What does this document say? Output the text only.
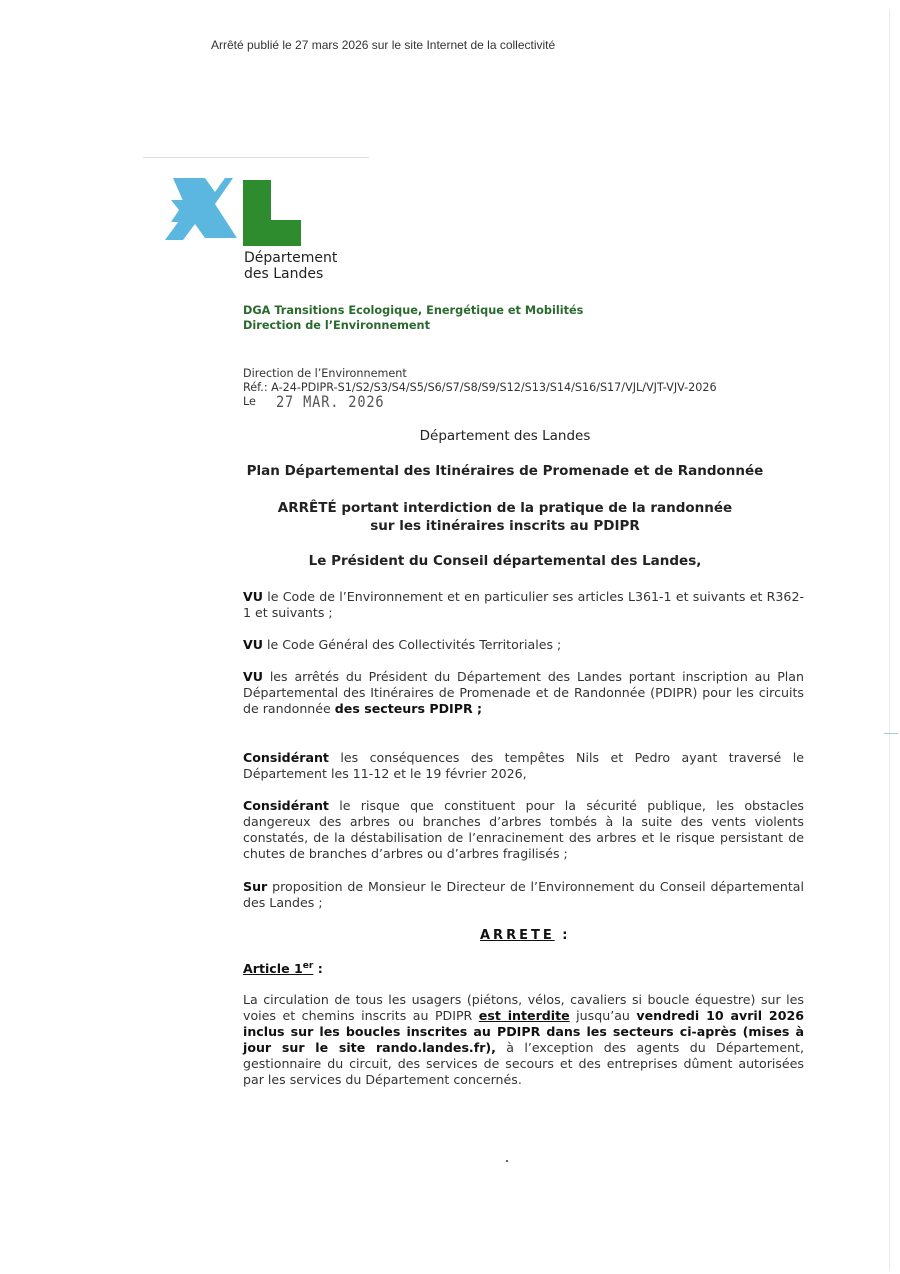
Arrêté publié le 27 mars 2026 sur le site Internet de la collectivité
Département
des Landes
DGA Transitions Ecologique, Energétique et Mobilités
Direction de l’Environnement
Direction de l’Environnement
Réf.: A-24-PDIPR-S1/S2/S3/S4/S5/S6/S7/S8/S9/S12/S13/S14/S16/S17/VJL/VJT-VJV-2026
Le 27 MAR. 2026
Département des Landes
Plan Départemental des Itinéraires de Promenade et de Randonnée
ARRÊTÉ portant interdiction de la pratique de la randonnée
sur les itinéraires inscrits au PDIPR
Le Président du Conseil départemental des Landes,
VU le Code de l’Environnement et en particulier ses articles L361-1 et suivants et R362-1 et suivants ;
VU le Code Général des Collectivités Territoriales ;
VU les arrêtés du Président du Département des Landes portant inscription au Plan Départemental des Itinéraires de Promenade et de Randonnée (PDIPR) pour les circuits de randonnée des secteurs PDIPR ;
Considérant les conséquences des tempêtes Nils et Pedro ayant traversé le Département les 11-12 et le 19 février 2026,
Considérant le risque que constituent pour la sécurité publique, les obstacles dangereux des arbres ou branches d’arbres tombés à la suite des vents violents constatés, de la déstabilisation de l’enracinement des arbres et le risque persistant de chutes de branches d’arbres ou d’arbres fragilisés ;
Sur proposition de Monsieur le Directeur de l’Environnement du Conseil départemental des Landes ;
ARRETE :
Article 1er :
La circulation de tous les usagers (piétons, vélos, cavaliers si boucle équestre) sur les voies et chemins inscrits au PDIPR est interdite jusqu’au vendredi 10 avril 2026 inclus sur les boucles inscrites au PDIPR dans les secteurs ci-après (mises à jour sur le site rando.landes.fr), à l’exception des agents du Département, gestionnaire du circuit, des services de secours et des entreprises dûment autorisées par les services du Département concernés.
